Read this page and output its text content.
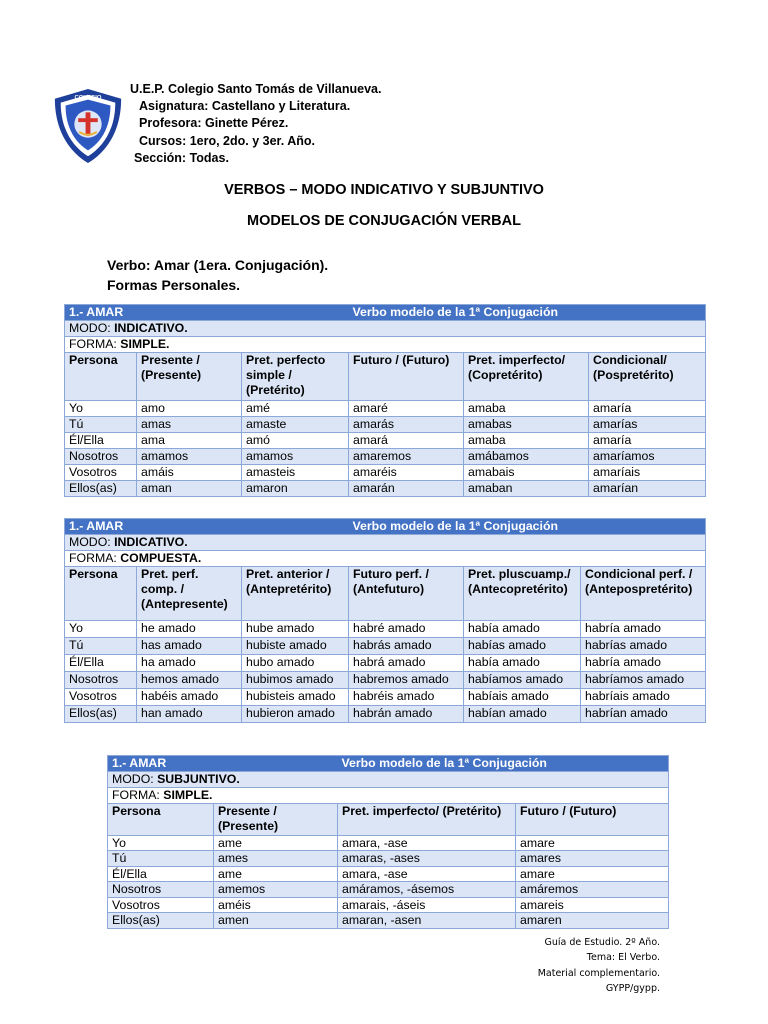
COLEGIO
U.E.P. Colegio Santo Tomás de Villanueva.
Asignatura: Castellano y Literatura.
Profesora: Ginette Pérez.
Cursos: 1ero, 2do. y 3er. Año.
Sección: Todas.
VERBOS – MODO INDICATIVO Y SUBJUNTIVO
MODELOS DE CONJUGACIÓN VERBAL
Verbo: Amar (1era. Conjugación).
Formas Personales.
1.- AMAR			Verbo modelo de la 1ª Conjugación		
MODO: INDICATIVO.					
FORMA: SIMPLE.					
Persona	Presente / (Presente)	Pret. perfecto simple / (Pretérito)	Futuro / (Futuro)	Pret. imperfecto/ (Copretérito)	Condicional/ (Pospretérito)
Yo	amo	amé	amaré	amaba	amaría
Tú	amas	amaste	amarás	amabas	amarías
Él/Ella	ama	amó	amará	amaba	amaría
Nosotros	amamos	amamos	amaremos	amábamos	amaríamos
Vosotros	amáis	amasteis	amaréis	amabais	amaríais
Ellos(as)	aman	amaron	amarán	amaban	amarían
1.- AMAR			Verbo modelo de la 1ª Conjugación		
MODO: INDICATIVO.					
FORMA: COMPUESTA.					
Persona	Pret. perf. comp. / (Antepresente)	Pret. anterior / (Antepretérito)	Futuro perf. / (Antefuturo)	Pret. pluscuamp./ (Antecopretérito)	Condicional perf. / (Antepospretérito)
Yo	he amado	hube amado	habré amado	había amado	habría amado
Tú	has amado	hubiste amado	habrás amado	habías amado	habrías amado
Él/Ella	ha amado	hubo amado	habrá amado	había amado	habría amado
Nosotros	hemos amado	hubimos amado	habremos amado	habíamos amado	habríamos amado
Vosotros	habéis amado	hubisteis amado	habréis amado	habíais amado	habríais amado
Ellos(as)	han amado	hubieron amado	habrán amado	habían amado	habrían amado
1.- AMAR		Verbo modelo de la 1ª Conjugación	
MODO: SUBJUNTIVO.			
FORMA: SIMPLE.			
Persona	Presente / (Presente)	Pret. imperfecto/ (Pretérito)	Futuro / (Futuro)
Yo	ame	amara, -ase	amare
Tú	ames	amaras, -ases	amares
Él/Ella	ame	amara, -ase	amare
Nosotros	amemos	amáramos, -ásemos	amáremos
Vosotros	améis	amarais, -áseis	amareis
Ellos(as)	amen	amaran, -asen	amaren
Guía de Estudio. 2º Año.
Tema: El Verbo.
Material complementario.
GYPP/gypp.
